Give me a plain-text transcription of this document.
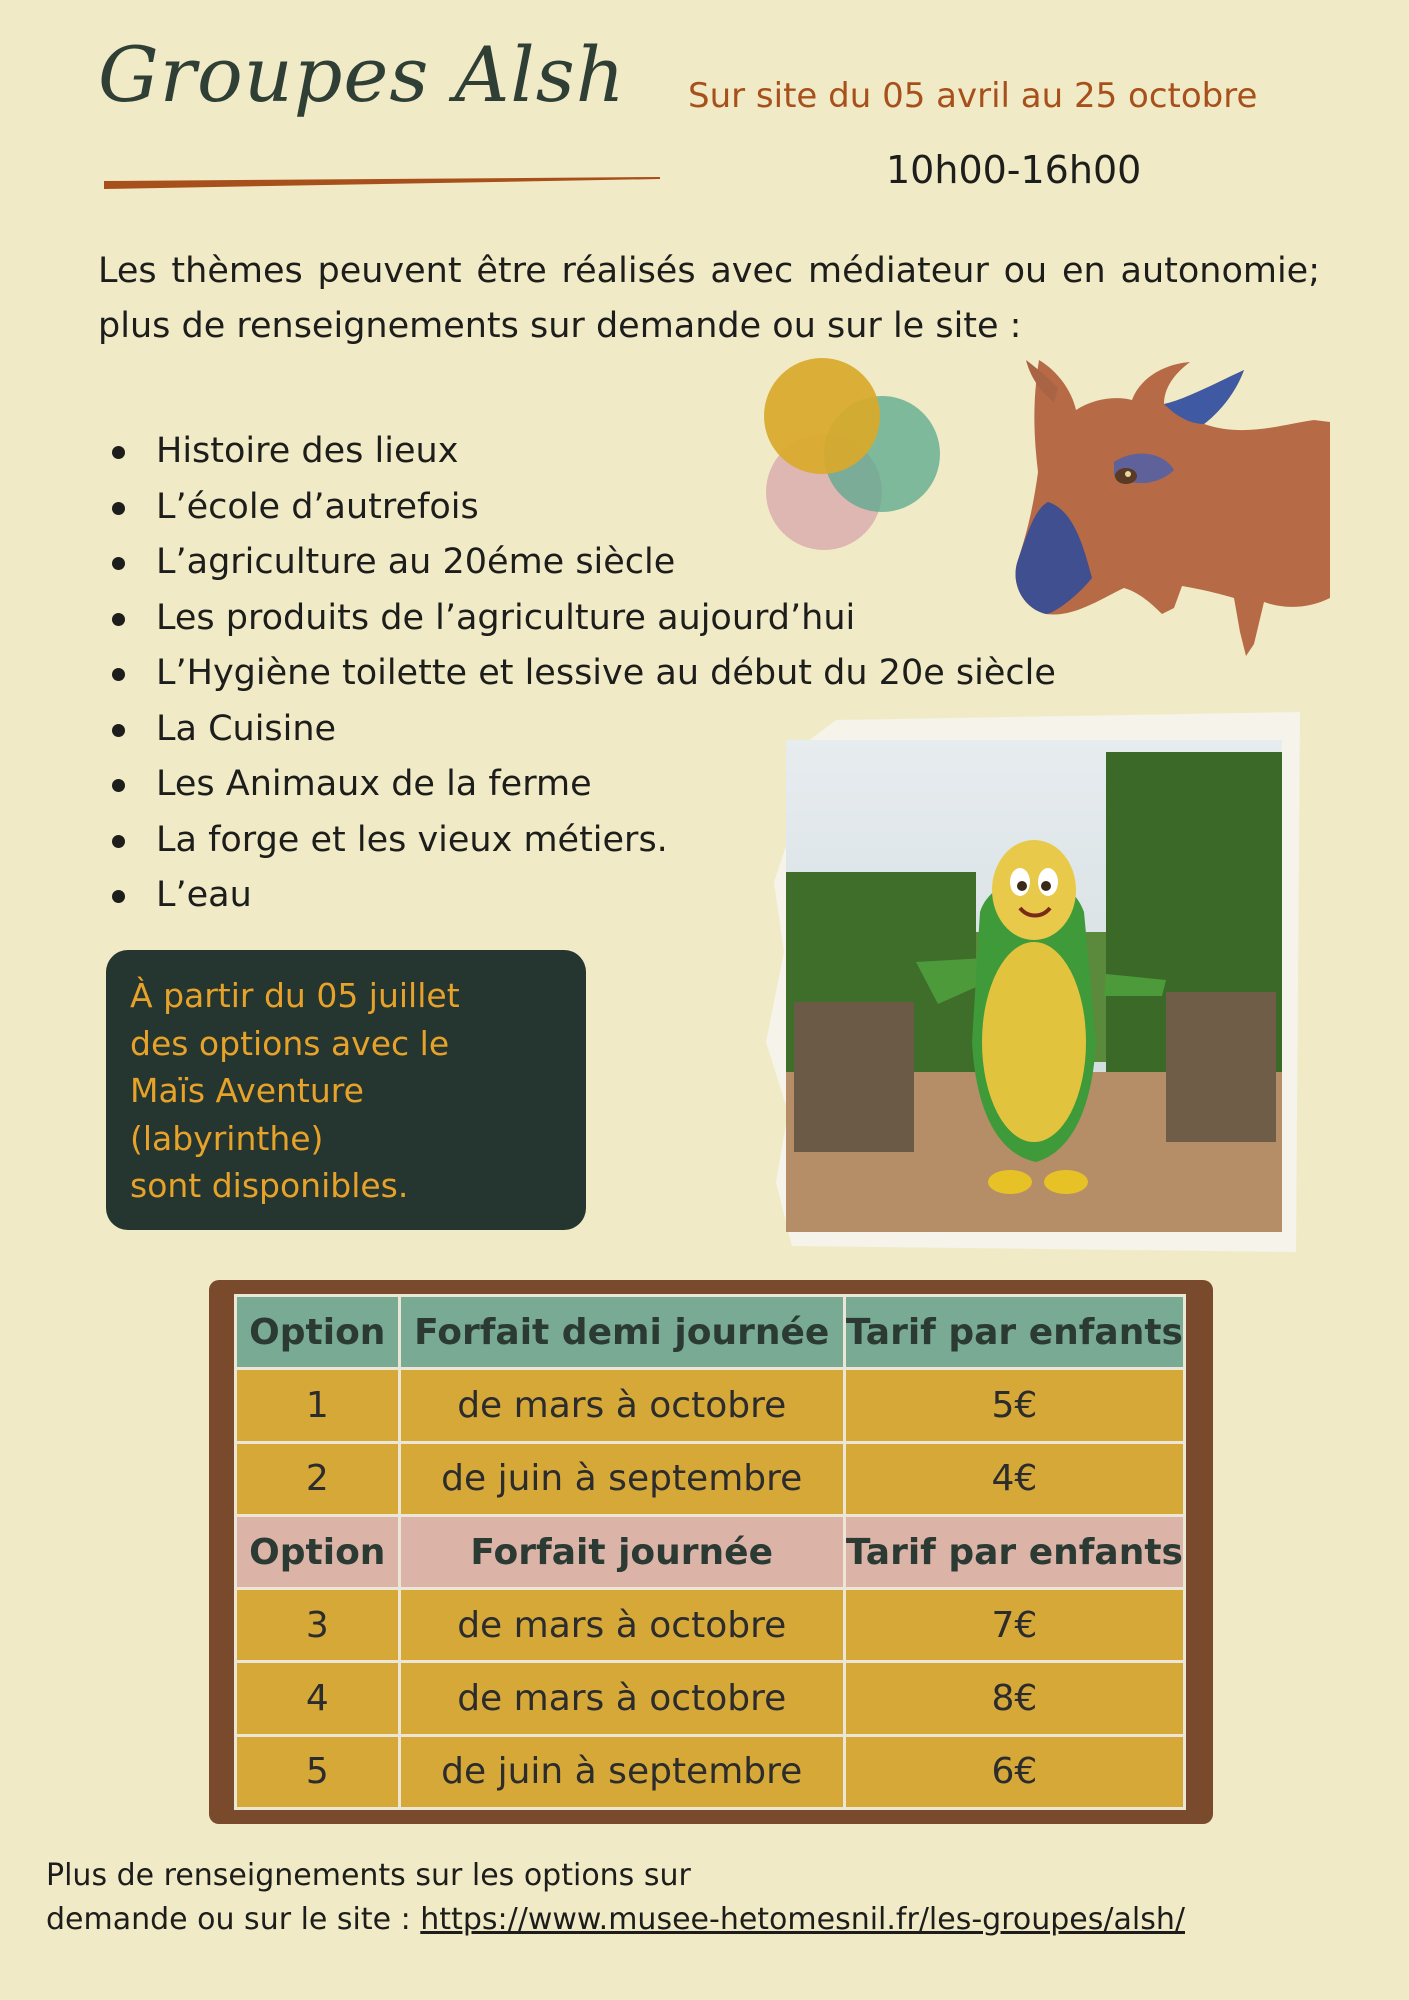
Groupes Alsh Sur site du 05 avril au 25 octobre
10h00-16h00

Les thèmes peuvent être réalisés avec médiateur ou en autonomie; plus de renseignements sur demande ou sur le site :

Histoire des lieux
L’école d’autrefois
L’agriculture au 20éme siècle
Les produits de l’agriculture aujourd’hui
L’Hygiène toilette et lessive au début du 20e siècle
La Cuisine
Les Animaux de la ferme
La forge et les vieux métiers.
L’eau
À partir du 05 juillet
des options avec le
Maïs Aventure
(labyrinthe)
sont disponibles.
Option	Forfait demi journée	Tarif par enfants
1	de mars à octobre	5€
2	de juin à septembre	4€
Option	Forfait journée	Tarif par enfants
3	de mars à octobre	7€
4	de mars à octobre	8€
5	de juin à septembre	6€
Plus de renseignements sur les options sur
demande ou sur le site : https://www.musee-hetomesnil.fr/les-groupes/alsh/
